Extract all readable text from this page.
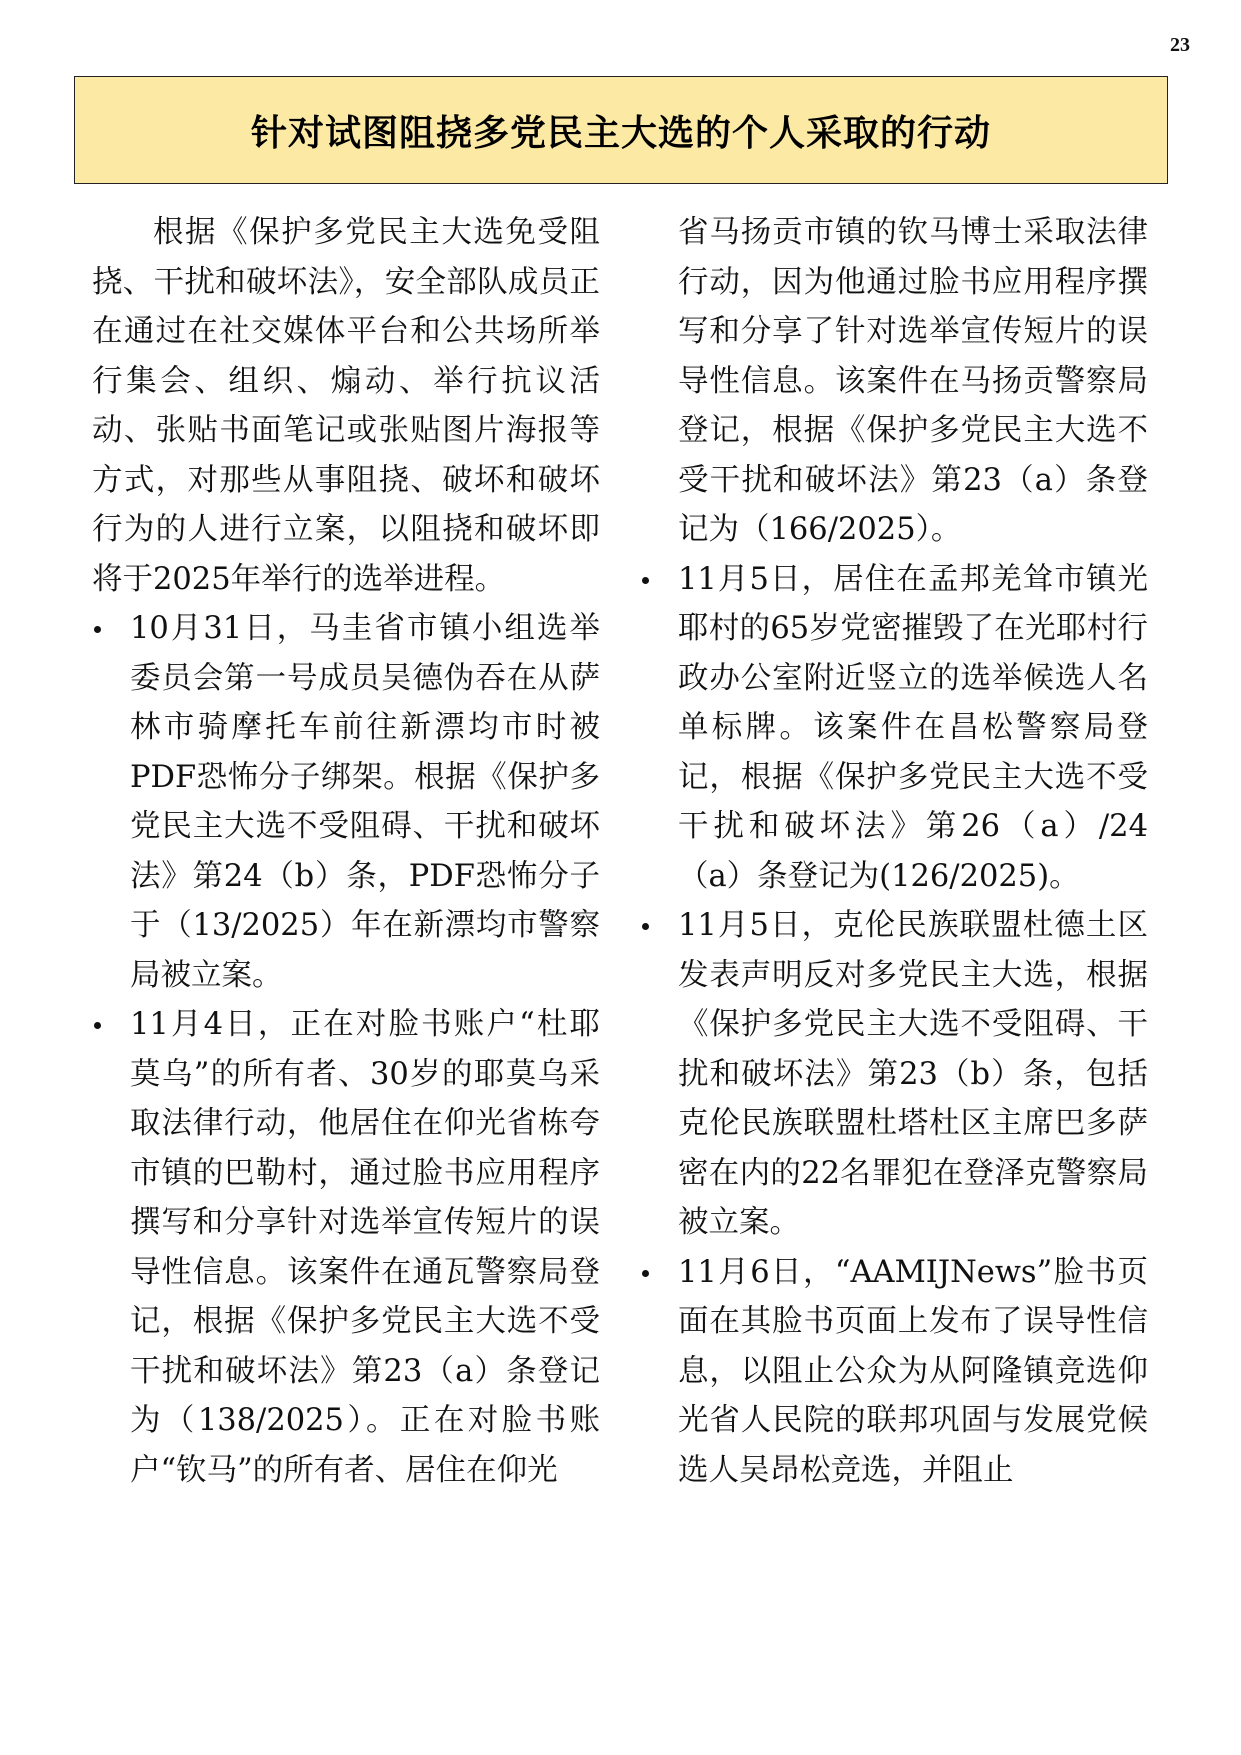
23
针对试图阻挠多党民主大选的个人采取的行动

根据《保护多党民主大选免受阻挠、干扰和破坏法》，安全部队成员正在通过在社交媒体平台和公共场所举行集会、组织、煽动、举行抗议活动、张贴书面笔记或张贴图片海报等方式，对那些从事阻挠、破坏和破坏行为的人进行立案，以阻挠和破坏即将于2025年举行的选举进程。

10月31日，马圭省市镇小组选举委员会第一号成员吴德伪吞在从萨林市骑摩托车前往新漂均市时被PDF恐怖分子绑架。根据《保护多党民主大选不受阻碍、干扰和破坏法》第24（b）条，PDF恐怖分子于（13/2025）年在新漂均市警察局被立案。
11月4日，正在对脸书账户“杜耶莫乌”的所有者、30岁的耶莫乌采取法律行动，他居住在仰光省栋夸市镇的巴勒村，通过脸书应用程序撰写和分享针对选举宣传短片的误导性信息。该案件在通瓦警察局登记，根据《保护多党民主大选不受干扰和破坏法》第23（a）条登记为（138/2025）。正在对脸书账户“钦马”的所有者、居住在仰光

省马扬贡市镇的钦马博士采取法律行动，因为他通过脸书应用程序撰写和分享了针对选举宣传短片的误导性信息。该案件在马扬贡警察局登记，根据《保护多党民主大选不受干扰和破坏法》第23（a）条登记为（166/2025）。

11月5日，居住在孟邦羌耸市镇光耶村的65岁党密摧毁了在光耶村行政办公室附近竖立的选举候选人名单标牌。该案件在昌松警察局登记，根据《保护多党民主大选不受干扰和破坏法》第26（a）/24（a）条登记为(126/2025)。
11月5日，克伦民族联盟杜德土区发表声明反对多党民主大选，根据《保护多党民主大选不受阻碍、干扰和破坏法》第23（b）条，包括克伦民族联盟杜塔杜区主席巴多萨密在内的22名罪犯在登泽克警察局被立案。
11月6日，“AAMIJNews”脸书页面在其脸书页面上发布了误导性信息，以阻止公众为从阿隆镇竞选仰光省人民院的联邦巩固与发展党候选人吴昂松竞选，并阻止
